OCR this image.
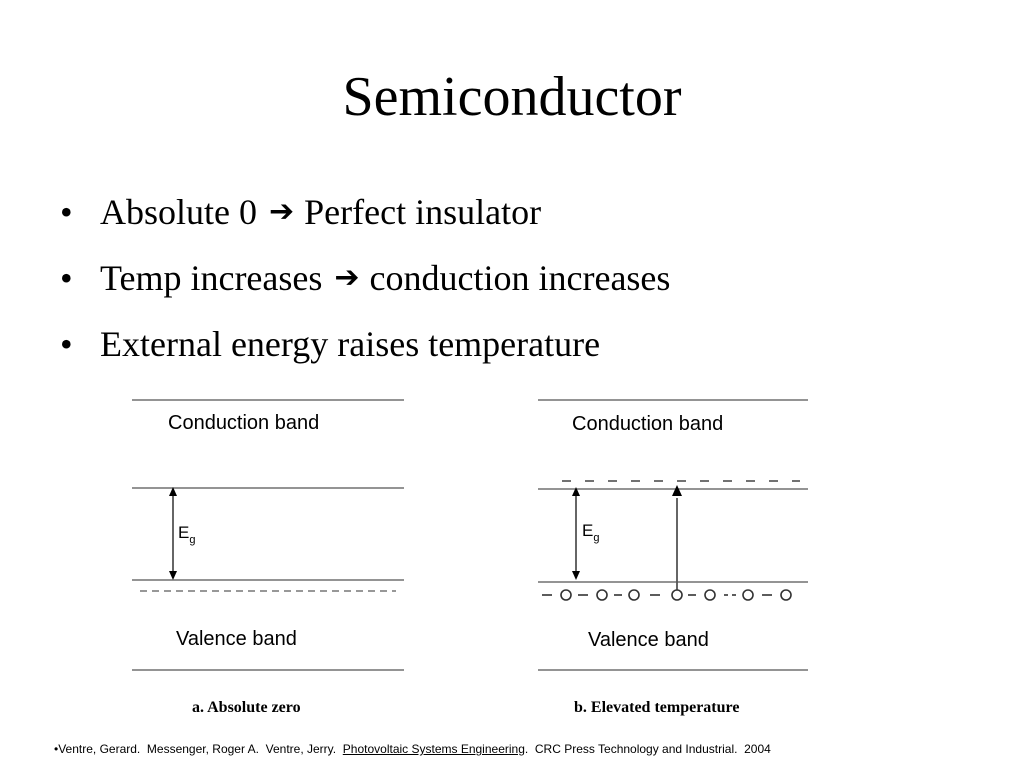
Semiconductor
• Absolute 0 ➔ Perfect insulator
• Temp increases ➔ conduction increases
• External energy raises temperature
Conduction band
$E_g$
Valence band
a. Absolute zero
Conduction band
$E_g$
Valence band
b. Elevated temperature
•Ventre, Gerard.  Messenger, Roger A.  Ventre, Jerry.  Photovoltaic Systems Engineering.  CRC Press Technology and Industrial.  2004
